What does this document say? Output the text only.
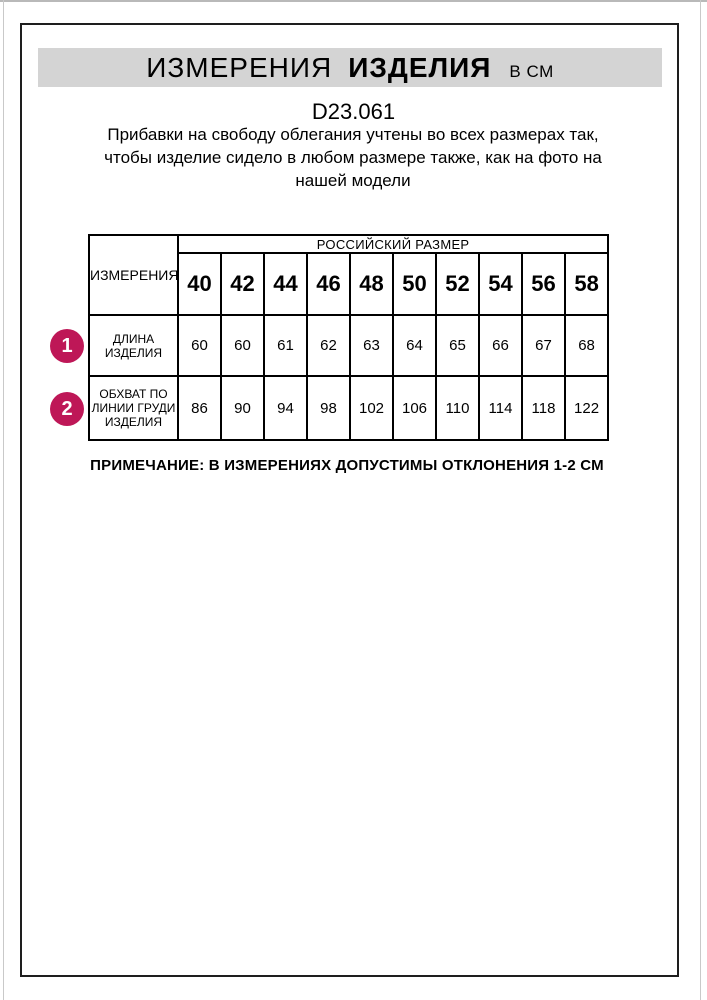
ИЗМЕРЕНИЯ ИЗДЕЛИЯ В СМ
D23.061
Прибавки на свободу облегания учтены во всех размерах так, чтобы изделие сидело в любом размере также, как на фото на нашей модели
ИЗМЕРЕНИЯ	РОССИЙСКИЙ РАЗМЕР									
	40	42	44	46	48	50	52	54	56	58
ДЛИНА ИЗДЕЛИЯ	60	60	61	62	63	64	65	66	67	68
ОБХВАТ ПО ЛИНИИ ГРУДИ ИЗДЕЛИЯ	86	90	94	98	102	106	110	114	118	122
1
2
ПРИМЕЧАНИЕ: В ИЗМЕРЕНИЯХ ДОПУСТИМЫ ОТКЛОНЕНИЯ 1-2 СМ
